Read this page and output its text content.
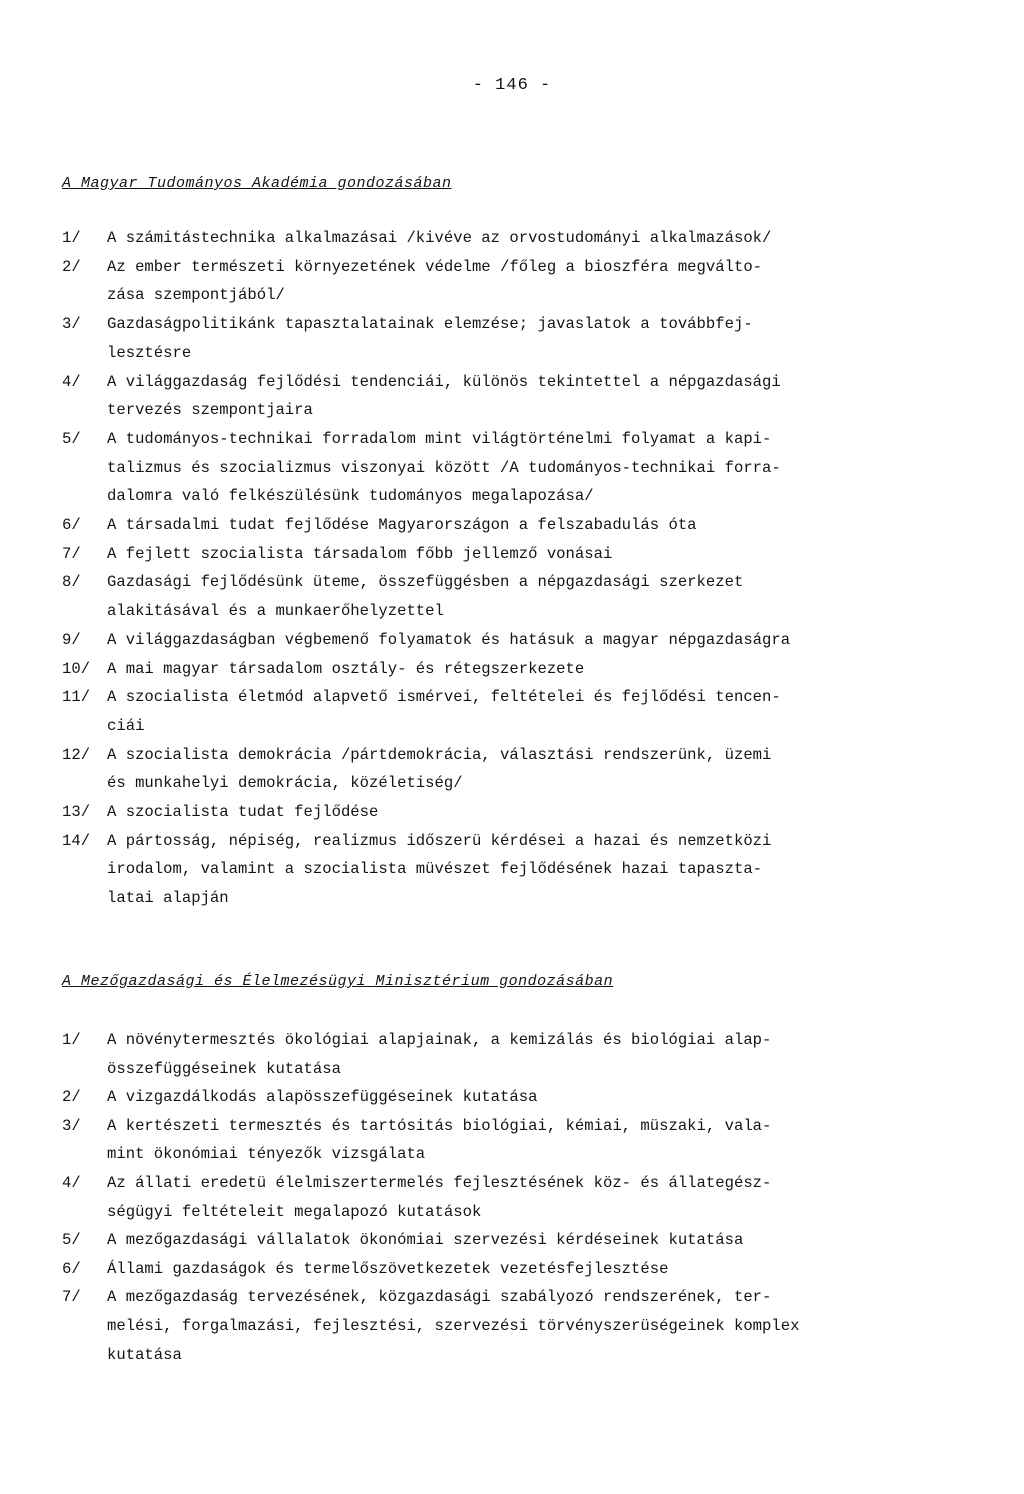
- 146 -
A Magyar Tudományos Akadémia gondozásában
1/ A számitástechnika alkalmazásai /kivéve az orvostudományi alkalmazások/
2/ Az ember természeti környezetének védelme /főleg a bioszféra megválto-
zása szempontjából/
3/ Gazdaságpolitikánk tapasztalatainak elemzése; javaslatok a továbbfej-
lesztésre
4/ A világgazdaság fejlődési tendenciái, különös tekintettel a népgazdasági
tervezés szempontjaira
5/ A tudományos-technikai forradalom mint világtörténelmi folyamat a kapi-
talizmus és szocializmus viszonyai között /A tudományos-technikai forra-
dalomra való felkészülésünk tudományos megalapozása/
6/ A társadalmi tudat fejlődése Magyarországon a felszabadulás óta
7/ A fejlett szocialista társadalom főbb jellemző vonásai
8/ Gazdasági fejlődésünk üteme, összefüggésben a népgazdasági szerkezet
alakitásával és a munkaerőhelyzettel
9/ A világgazdaságban végbemenő folyamatok és hatásuk a magyar népgazdaságra
10/ A mai magyar társadalom osztály- és rétegszerkezete
11/ A szocialista életmód alapvető ismérvei, feltételei és fejlődési tencen-
ciái
12/ A szocialista demokrácia /pártdemokrácia, választási rendszerünk, üzemi
és munkahelyi demokrácia, közéletiség/
13/ A szocialista tudat fejlődése
14/ A pártosság, népiség, realizmus időszerü kérdései a hazai és nemzetközi
irodalom, valamint a szocialista müvészet fejlődésének hazai tapaszta-
latai alapján
A Mezőgazdasági és Élelmezésügyi Minisztérium gondozásában
1/ A növénytermesztés ökológiai alapjainak, a kemizálás és biológiai alap-
összefüggéseinek kutatása
2/ A vizgazdálkodás alapösszefüggéseinek kutatása
3/ A kertészeti termesztés és tartósitás biológiai, kémiai, müszaki, vala-
mint ökonómiai tényezők vizsgálata
4/ Az állati eredetü élelmiszertermelés fejlesztésének köz- és állategész-
ségügyi feltételeit megalapozó kutatások
5/ A mezőgazdasági vállalatok ökonómiai szervezési kérdéseinek kutatása
6/ Állami gazdaságok és termelőszövetkezetek vezetésfejlesztése
7/ A mezőgazdaság tervezésének, közgazdasági szabályozó rendszerének, ter-
melési, forgalmazási, fejlesztési, szervezési törvényszerüségeinek komplex
kutatása
